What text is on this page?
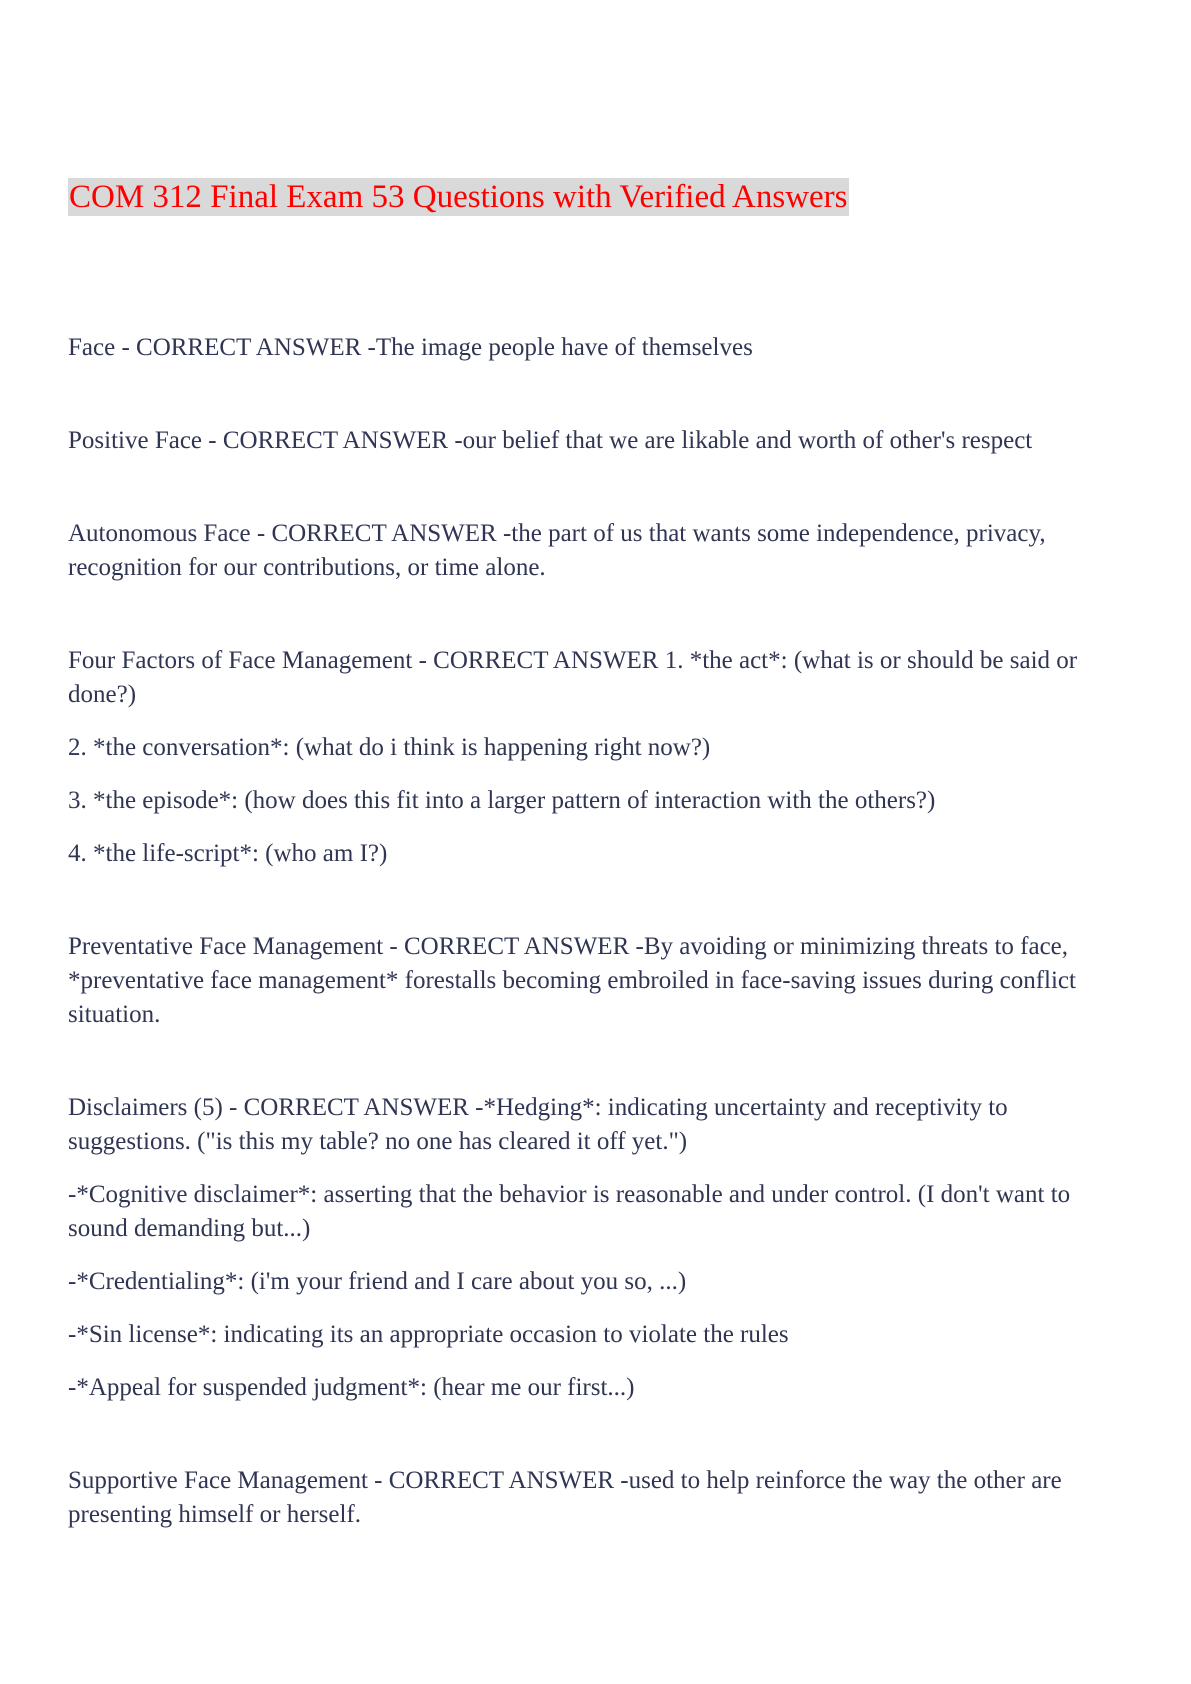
COM 312 Final Exam 53 Questions with Verified Answers

Face - CORRECT ANSWER -The image people have of themselves

Positive Face - CORRECT ANSWER -our belief that we are likable and worth of other's respect

Autonomous Face - CORRECT ANSWER -the part of us that wants some independence, privacy, recognition for our contributions, or time alone.

Four Factors of Face Management - CORRECT ANSWER 1. *the act*: (what is or should be said or done?)

2. *the conversation*: (what do i think is happening right now?)

3. *the episode*: (how does this fit into a larger pattern of interaction with the others?)

4. *the life-script*: (who am I?)

Preventative Face Management - CORRECT ANSWER -By avoiding or minimizing threats to face, *preventative face management* forestalls becoming embroiled in face-saving issues during conflict situation.

Disclaimers (5) - CORRECT ANSWER -*Hedging*: indicating uncertainty and receptivity to suggestions. ("is this my table? no one has cleared it off yet.")

-*Cognitive disclaimer*: asserting that the behavior is reasonable and under control. (I don't want to sound demanding but...)

-*Credentialing*: (i'm your friend and I care about you so, ...)

-*Sin license*: indicating its an appropriate occasion to violate the rules

-*Appeal for suspended judgment*: (hear me our first...)

Supportive Face Management - CORRECT ANSWER -used to help reinforce the way the other are presenting himself or herself.
